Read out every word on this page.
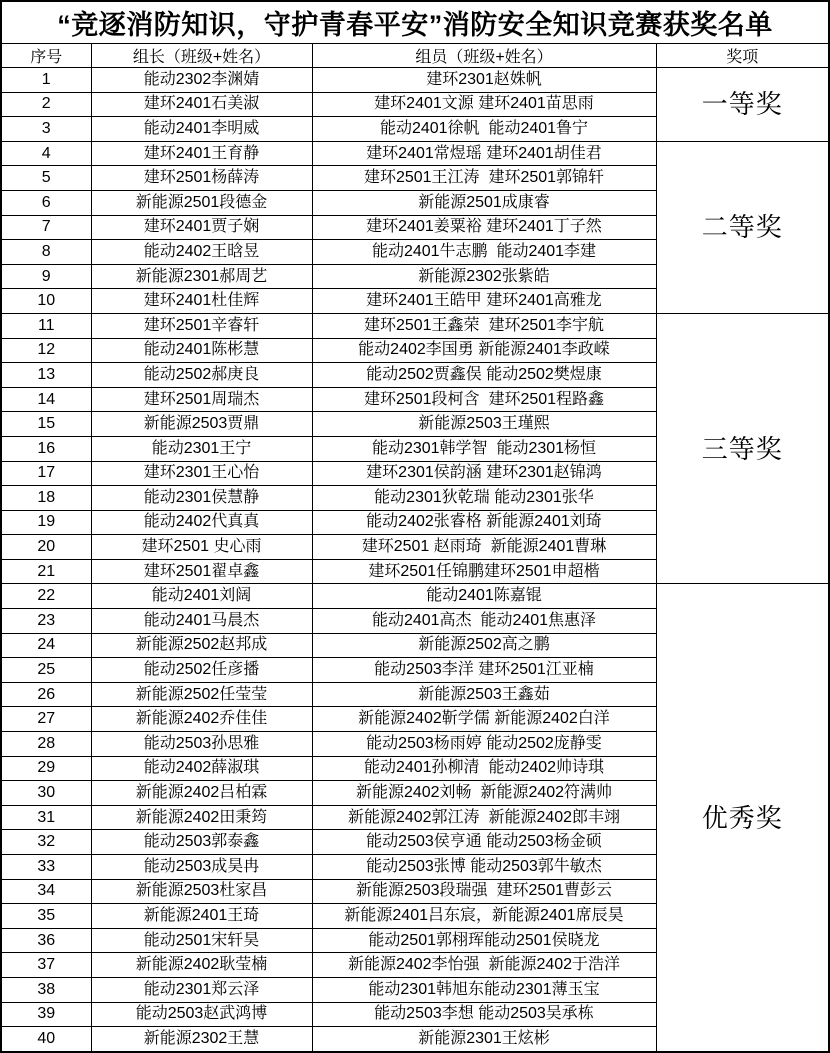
“竞逐消防知识，守护青春平安”消防安全知识竞赛获奖名单			
序号	组长（班级+姓名）	组员（班级+姓名）	奖项
1	能动2302李渊婧	建环2301赵姝帆	一等奖
2	建环2401石美淑	建环2401文源 建环2401苗思雨	
3	能动2401李明威	能动2401徐帆  能动2401鲁宁	
4	建环2401王育静	建环2401常煜瑶 建环2401胡佳君	二等奖
5	建环2501杨薛涛	建环2501王江涛  建环2501郭锦轩	
6	新能源2501段德金	新能源2501成康睿	
7	建环2401贾子娴	建环2401姜粟裕 建环2401丁子然	
8	能动2402王晗昱	能动2401牛志鹏  能动2401李建	
9	新能源2301郝周艺	新能源2302张紫皓	
10	建环2401杜佳辉	建环2401王皓甲 建环2401高雅龙	
11	建环2501辛睿轩	建环2501王鑫荣  建环2501李宇航	三等奖
12	能动2401陈彬慧	能动2402李国勇 新能源2401李政嵘	
13	能动2502郝庚良	能动2502贾鑫俣 能动2502樊煜康	
14	建环2501周瑞杰	建环2501段柯含  建环2501程路鑫	
15	新能源2503贾鼎	新能源2503王瑾熙	
16	能动2301王宁	能动2301韩学智  能动2301杨恒	
17	建环2301王心怡	建环2301侯韵涵 建环2301赵锦鸿	
18	能动2301侯慧静	能动2301狄乾瑞 能动2301张华	
19	能动2402代真真	能动2402张睿格 新能源2401刘琦	
20	建环2501 史心雨	建环2501 赵雨琦  新能源2401曹琳	
21	建环2501翟卓鑫	建环2501任锦鹏建环2501申超楷	
22	能动2401刘阔	能动2401陈嘉锟	优秀奖
23	能动2401马晨杰	能动2401高杰  能动2401焦惠泽	
24	新能源2502赵邦成	新能源2502高之鹏	
25	能动2502任彦播	能动2503李洋 建环2501江亚楠	
26	新能源2502任莹莹	新能源2503王鑫茹	
27	新能源2402乔佳佳	新能源2402靳学儒 新能源2402白洋	
28	能动2503孙思雅	能动2503杨雨婷 能动2502庞静雯	
29	能动2402薛淑琪	能动2401孙柳清  能动2402帅诗琪	
30	新能源2402吕柏霖	新能源2402刘畅  新能源2402符满帅	
31	新能源2402田秉筠	新能源2402郭江涛  新能源2402郎丰翊	
32	能动2503郭泰鑫	能动2503侯亨通 能动2503杨金硕	
33	能动2503成昊冉	能动2503张博 能动2503郭牛敏杰	
34	新能源2503杜家昌	新能源2503段瑞强  建环2501曹彭云	
35	新能源2401王琦	新能源2401吕东宸，新能源2401席辰昊	
36	能动2501宋轩昊	能动2501郭栩珲能动2501侯晓龙	
37	新能源2402耿莹楠	新能源2402李怡强  新能源2402于浩洋	
38	能动2301郑云泽	能动2301韩旭东能动2301薄玉宝	
39	能动2503赵武鸿博	能动2503李想 能动2503吴承栋	
40	新能源2302王慧	新能源2301王炫彬	
